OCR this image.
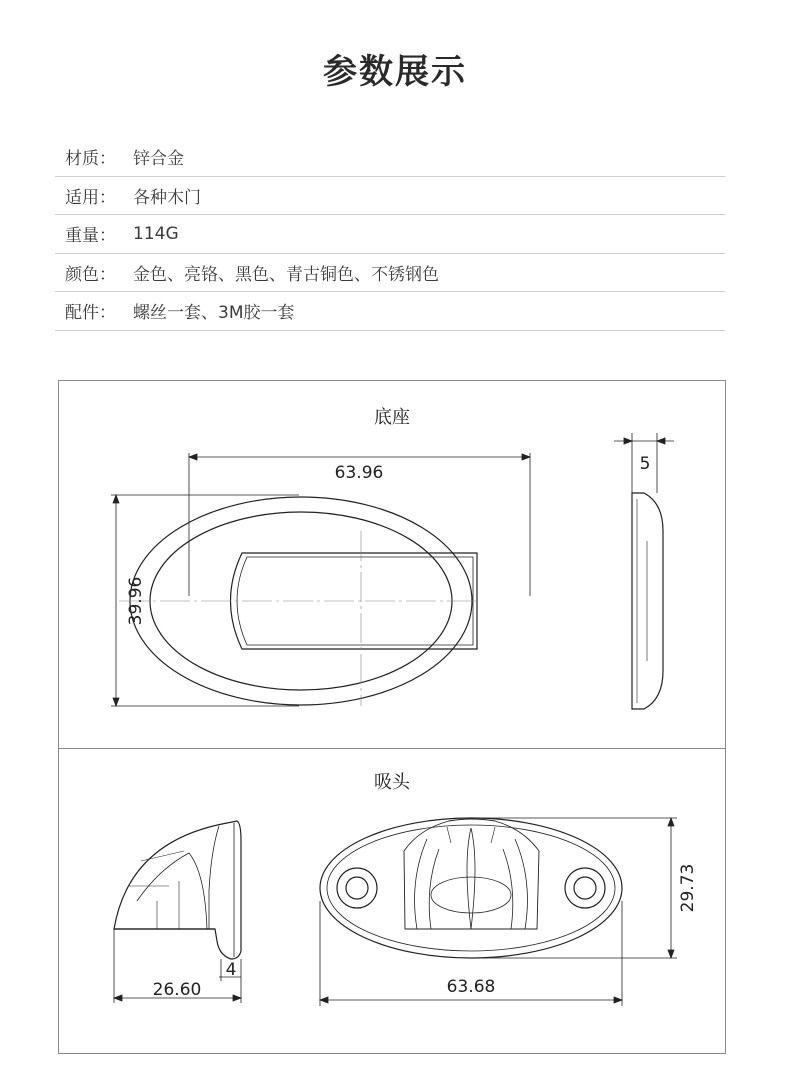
参数展示
材质：	锌合金
适用：	各种木门
重量：	114G
颜色：	金色、亮铬、黑色、青古铜色、不锈钢色
配件：	螺丝一套、3M胶一套
底座
吸头
63.96
39.96
5
26.60
4
63.68
29.73
